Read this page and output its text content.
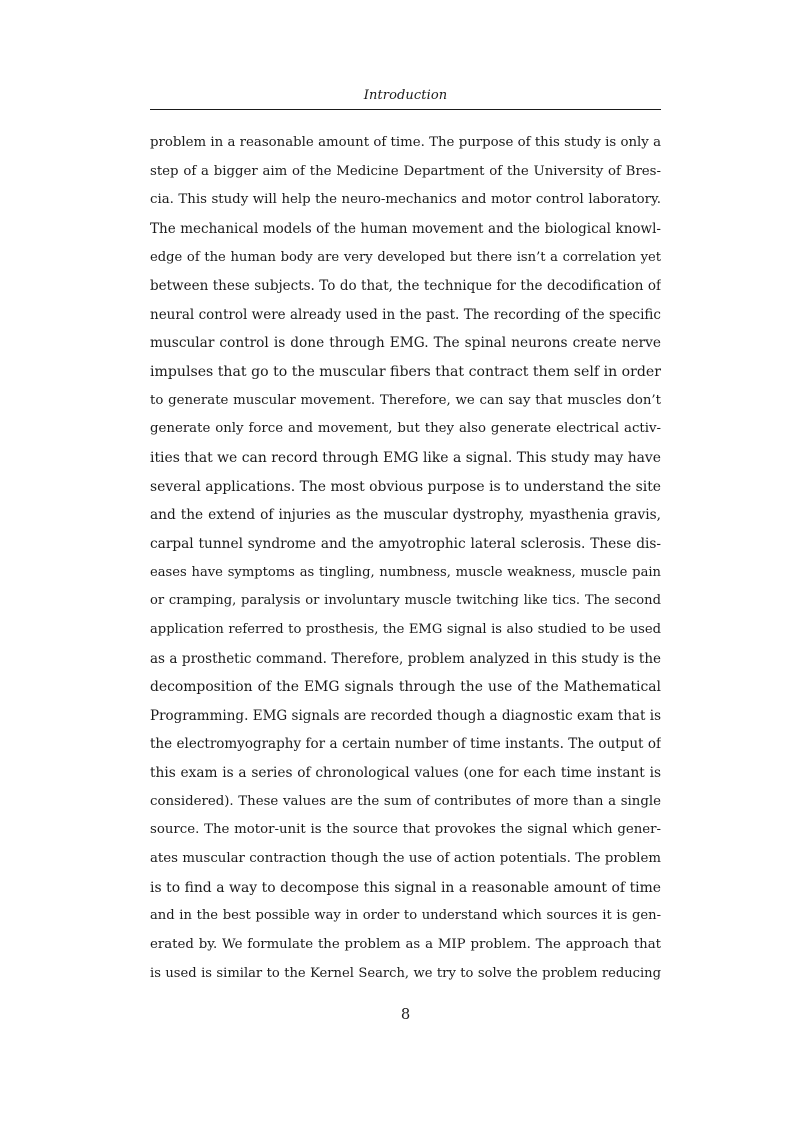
Introduction
problem in a reasonable amount of time. The purpose of this study is only a
step of a bigger aim of the Medicine Department of the University of Bres-
cia. This study will help the neuro-mechanics and motor control laboratory.
The mechanical models of the human movement and the biological knowl-
edge of the human body are very developed but there isn’t a correlation yet
between these subjects. To do that, the technique for the decodification of
neural control were already used in the past. The recording of the specific
muscular control is done through EMG. The spinal neurons create nerve
impulses that go to the muscular fibers that contract them self in order
to generate muscular movement. Therefore, we can say that muscles don’t
generate only force and movement, but they also generate electrical activ-
ities that we can record through EMG like a signal. This study may have
several applications. The most obvious purpose is to understand the site
and the extend of injuries as the muscular dystrophy, myasthenia gravis,
carpal tunnel syndrome and the amyotrophic lateral sclerosis. These dis-
eases have symptoms as tingling, numbness, muscle weakness, muscle pain
or cramping, paralysis or involuntary muscle twitching like tics. The second
application referred to prosthesis, the EMG signal is also studied to be used
as a prosthetic command. Therefore, problem analyzed in this study is the
decomposition of the EMG signals through the use of the Mathematical
Programming. EMG signals are recorded though a diagnostic exam that is
the electromyography for a certain number of time instants. The output of
this exam is a series of chronological values (one for each time instant is
considered). These values are the sum of contributes of more than a single
source. The motor-unit is the source that provokes the signal which gener-
ates muscular contraction though the use of action potentials. The problem
is to find a way to decompose this signal in a reasonable amount of time
and in the best possible way in order to understand which sources it is gen-
erated by. We formulate the problem as a MIP problem. The approach that
is used is similar to the Kernel Search, we try to solve the problem reducing
8
